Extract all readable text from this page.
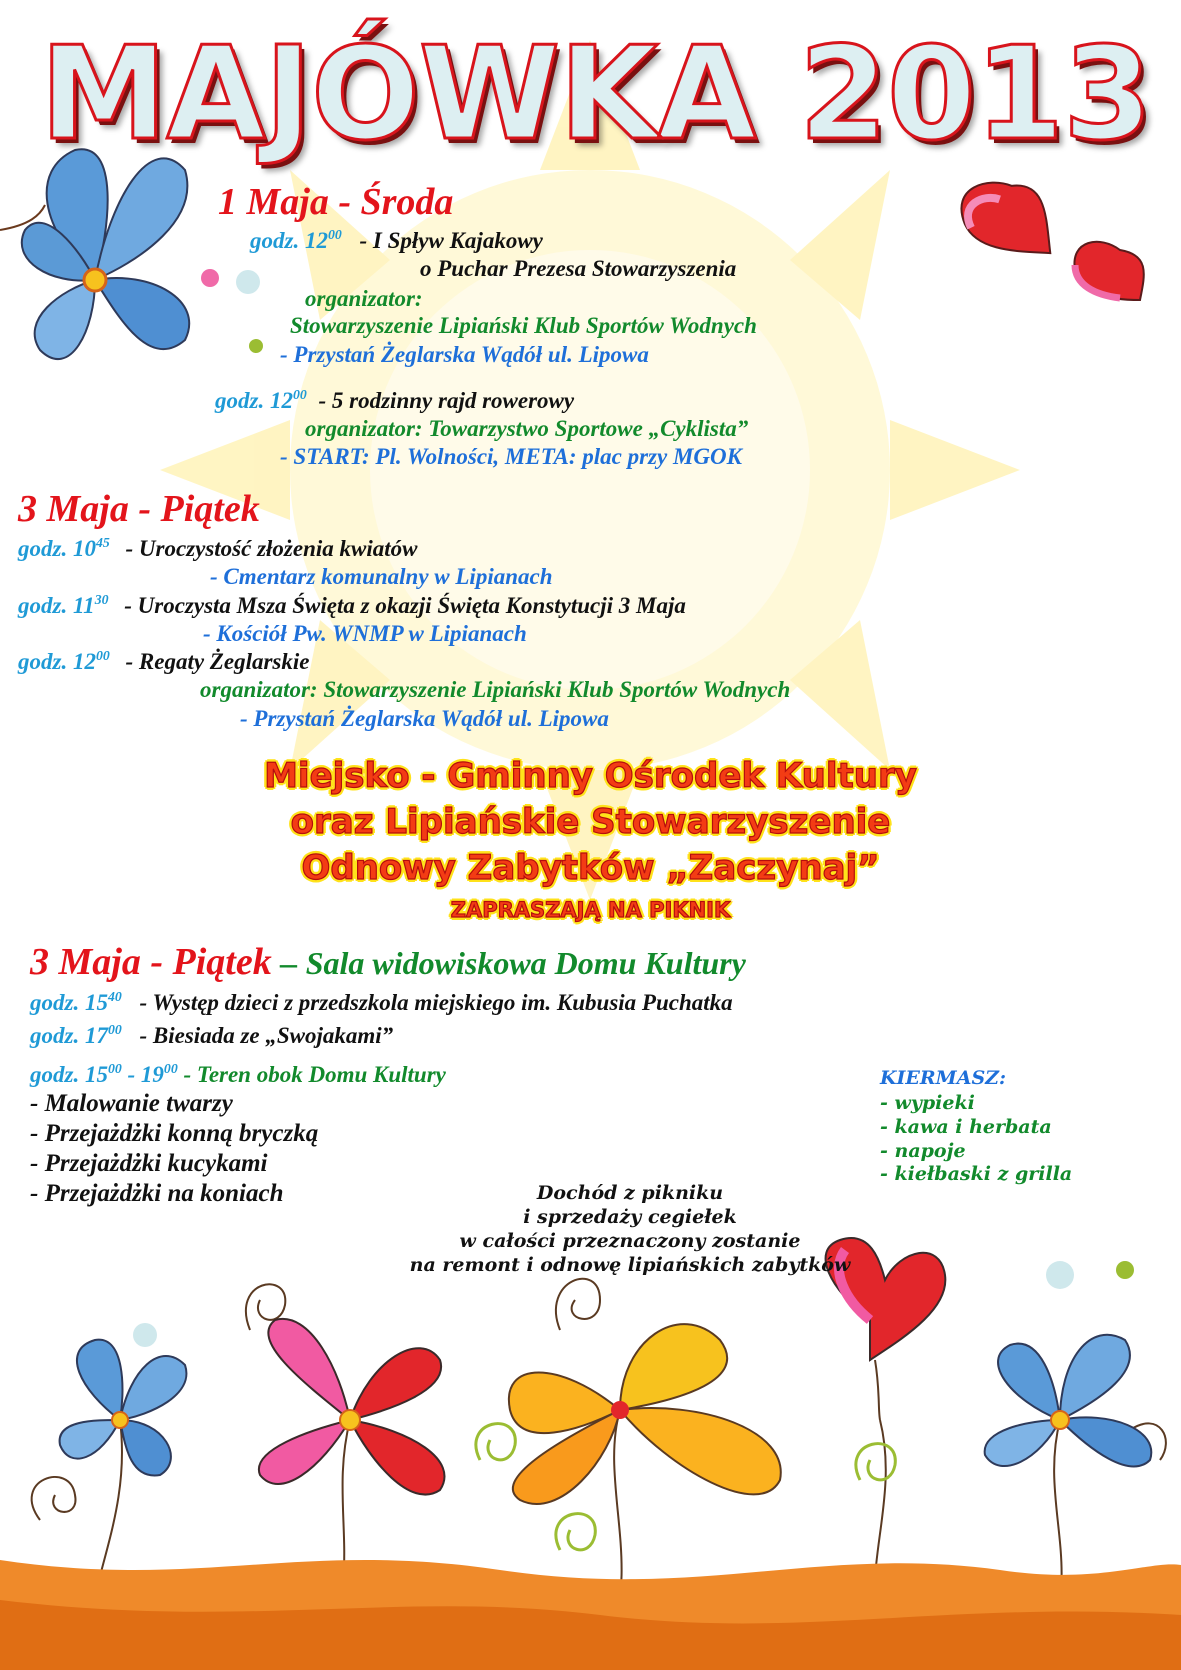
MAJÓWKA 2013
1 Maja - Środa
godz. $12^{00}$ - I Spływ Kajakowy
o Puchar Prezesa Stowarzyszenia
organizator:
Stowarzyszenie Lipiański Klub Sportów Wodnych
- Przystań Żeglarska Wądół ul. Lipowa
godz. $12^{00} - 5$ rodzinny rajd rowerowy
organizator: Towarzystwo Sportowe „Cyklista”
- START: Pl. Wolności, META: plac przy MGOK
3 Maja - Piątek
godz. $10^{45}$ - Uroczystość złożenia kwiatów
- Cmentarz komunalny w Lipianach
godz. $11^{30}$ - Uroczysta Msza Święta z okazji Święta Konstytucji 3 Maja
- Kościół Pw. WNMP w Lipianach
godz. $12^{00}$ - Regaty Żeglarskie
organizator: Stowarzyszenie Lipiański Klub Sportów Wodnych
- Przystań Żeglarska Wądół ul. Lipowa
Miejsko - Gminny Ośrodek Kultury
oraz Lipiańskie Stowarzyszenie
Odnowy Zabytków „Zaczynaj”
ZAPRASZAJĄ NA PIKNIK
3 Maja - Piątek – Sala widowiskowa Domu Kultury
godz. $15^{40}$ - Występ dzieci z przedszkola miejskiego im. Kubusia Puchatka
godz. $17^{00}$ - Biesiada ze „Swojakami”
godz. $15^{00} - 19^{00}$ - Teren obok Domu Kultury
- Malowanie twarzy
- Przejażdżki konną bryczką
- Przejażdżki kucykami
- Przejażdżki na koniach
KIERMASZ:
- wypieki
- kawa i herbata
- napoje
- kiełbaski z grilla
Dochód z pikniku
i sprzedaży cegiełek
w całości przeznaczony zostanie
na remont i odnowę lipiańskich zabytków
